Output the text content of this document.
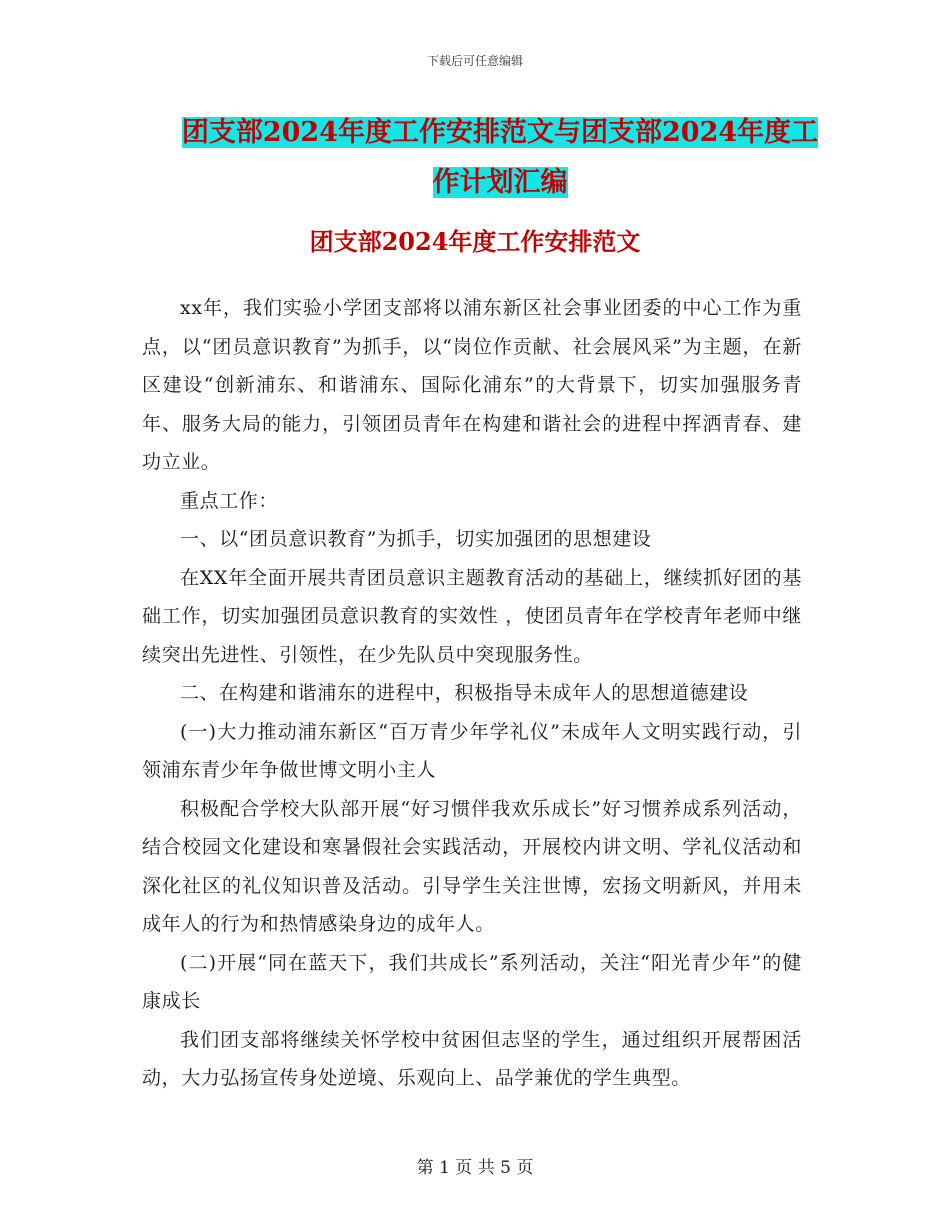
下载后可任意编辑
团支部2024年度工作安排范文与团支部2024年度工
作计划汇编
团支部2024年度工作安排范文

xx年，我们实验小学团支部将以浦东新区社会事业团委的中心工作为重点，以“团员意识教育”为抓手，以“岗位作贡献、社会展风采”为主题，在新区建设“创新浦东、和谐浦东、国际化浦东”的大背景下，切实加强服务青年、服务大局的能力，引领团员青年在构建和谐社会的进程中挥洒青春、建功立业。

重点工作：

一、以“团员意识教育”为抓手，切实加强团的思想建设

在XX年全面开展共青团员意识主题教育活动的基础上，继续抓好团的基础工作，切实加强团员意识教育的实效性 ，使团员青年在学校青年老师中继续突出先进性、引领性，在少先队员中突现服务性。

二、在构建和谐浦东的进程中，积极指导未成年人的思想道德建设

(一)大力推动浦东新区“百万青少年学礼仪”未成年人文明实践行动，引领浦东青少年争做世博文明小主人

积极配合学校大队部开展“好习惯伴我欢乐成长”好习惯养成系列活动，结合校园文化建设和寒暑假社会实践活动，开展校内讲文明、学礼仪活动和深化社区的礼仪知识普及活动。引导学生关注世博，宏扬文明新风，并用未成年人的行为和热情感染身边的成年人。

(二)开展“同在蓝天下，我们共成长”系列活动，关注“阳光青少年”的健康成长

我们团支部将继续关怀学校中贫困但志坚的学生，通过组织开展帮困活动，大力弘扬宣传身处逆境、乐观向上、品学兼优的学生典型。

第 1 页 共 5 页
